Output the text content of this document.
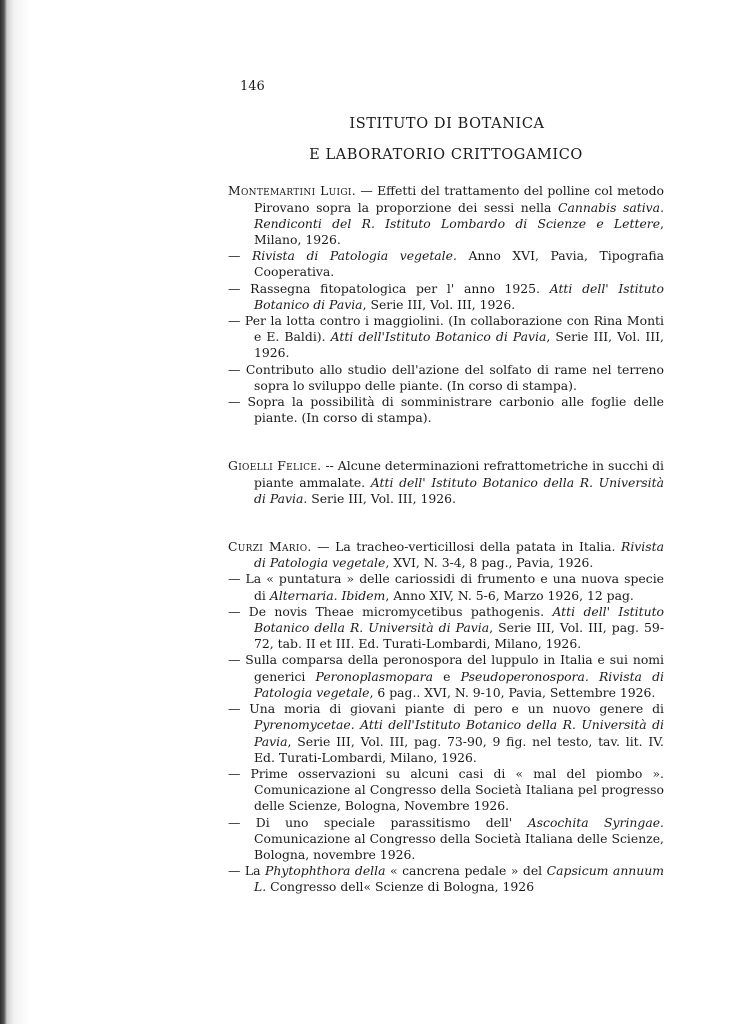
146
ISTITUTO DI BOTANICA
E LABORATORIO CRITTOGAMICO
Montemartini Luigi. — Effetti del trattamento del polline col metodo Pirovano sopra la proporzione dei sessi nella Cannabis sativa. Rendiconti del R. Istituto Lombardo di Scienze e Lettere, Milano, 1926.
— Rivista di Patologia vegetale. Anno XVI, Pavia, Tipografia Cooperativa.
— Rassegna fitopatologica per l' anno 1925. Atti dell' Istituto Botanico di Pavia, Serie III, Vol. III, 1926.
— Per la lotta contro i maggiolini. (In collaborazione con Rina Monti e E. Baldi). Atti dell'Istituto Botanico di Pavia, Serie III, Vol. III, 1926.
— Contributo allo studio dell'azione del solfato di rame nel terreno sopra lo sviluppo delle piante. (In corso di stampa).
— Sopra la possibilità di somministrare carbonio alle foglie delle piante. (In corso di stampa).
Gioelli Felice. -- Alcune determinazioni refrattometriche in succhi di piante ammalate. Atti dell' Istituto Botanico della R. Università di Pavia. Serie III, Vol. III, 1926.
Curzi Mario. — La tracheo-verticillosi della patata in Italia. Rivista di Patologia vegetale, XVI, N. 3-4, 8 pag., Pavia, 1926.
— La « puntatura » delle cariossidi di frumento e una nuova specie di Alternaria. Ibidem, Anno XIV, N. 5-6, Marzo 1926, 12 pag.
— De novis Theae micromycetibus pathogenis. Atti dell' Istituto Botanico della R. Università di Pavia, Serie III, Vol. III, pag. 59-72, tab. II et III. Ed. Turati-Lombardi, Milano, 1926.
— Sulla comparsa della peronospora del luppulo in Italia e sui nomi generici Peronoplasmopara e Pseudoperonospora. Rivista di Patologia vegetale, 6 pag.. XVI, N. 9-10, Pavia, Settembre 1926.
— Una moria di giovani piante di pero e un nuovo genere di Pyrenomycetae. Atti dell'Istituto Botanico della R. Università di Pavia, Serie III, Vol. III, pag. 73-90, 9 fig. nel testo, tav. lit. IV. Ed. Turati-Lombardi, Milano, 1926.
— Prime osservazioni su alcuni casi di « mal del piombo ». Comunicazione al Congresso della Società Italiana pel progresso delle Scienze, Bologna, Novembre 1926.
— Di uno speciale parassitismo dell' Ascochita Syringae. Comunicazione al Congresso della Società Italiana delle Scienze, Bologna, novembre 1926.
— La Phytophthora della « cancrena pedale » del Capsicum annuum L. Congresso dell« Scienze di Bologna, 1926
